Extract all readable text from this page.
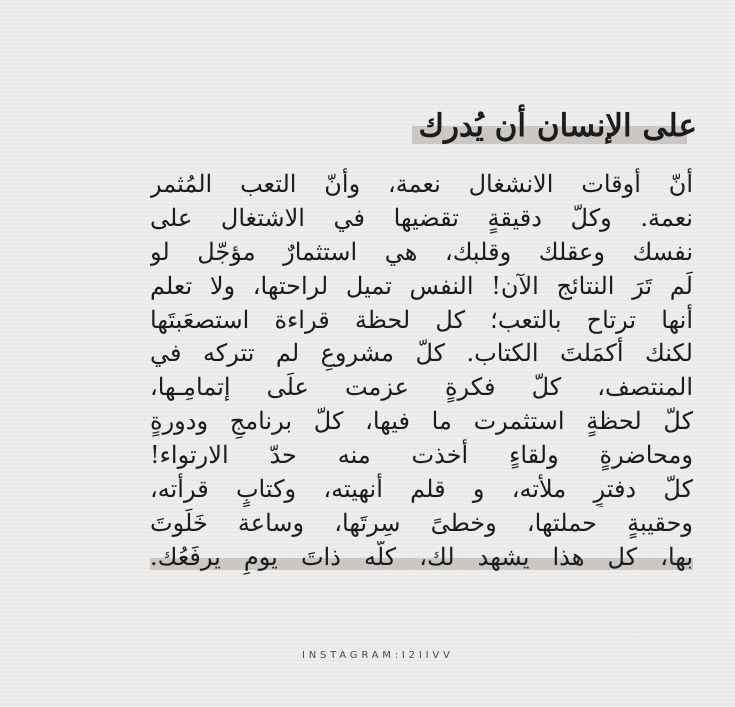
على الإنسان أن يُدرك
أنّ أوقات الانشغال نعمة، وأنّ التعب المُثمر
نعمة. وكلّ دقيقةٍ تقضيها في الاشتغال على
نفسك وعقلك وقلبك، هي استثمارٌ مؤجّل لو
لَم تَرَ النتائج الآن! النفس تميل لراحتها، ولا تعلم
أنها ترتاح بالتعب؛ كل لحظة قراءة استصعَبتَها
لكنك أكمَلتَ الكتاب. كلّ مشروعٍ لم تتركه في
المنتصف، كلّ فكرةٍ عزمت علَى إتمامِـها،
كلّ لحظةٍ استثمرت ما فيها، كلّ برنامجٍ ودورةٍ
ومحاضرةٍ ولقاءٍ أخذت منه حدّ الارتواء!
كلّ دفترٍ ملأته، و قلم أنهيته، وكتابٍ قرأته،
وحقيبةٍ حملتها، وخطىً سِرتَها، وساعة خَلَوتَ
بها، كل هذا يشهد لك، كلّه ذاتَ يومٍ يرفَعُك.
INSTAGRAM:I2IIVV
